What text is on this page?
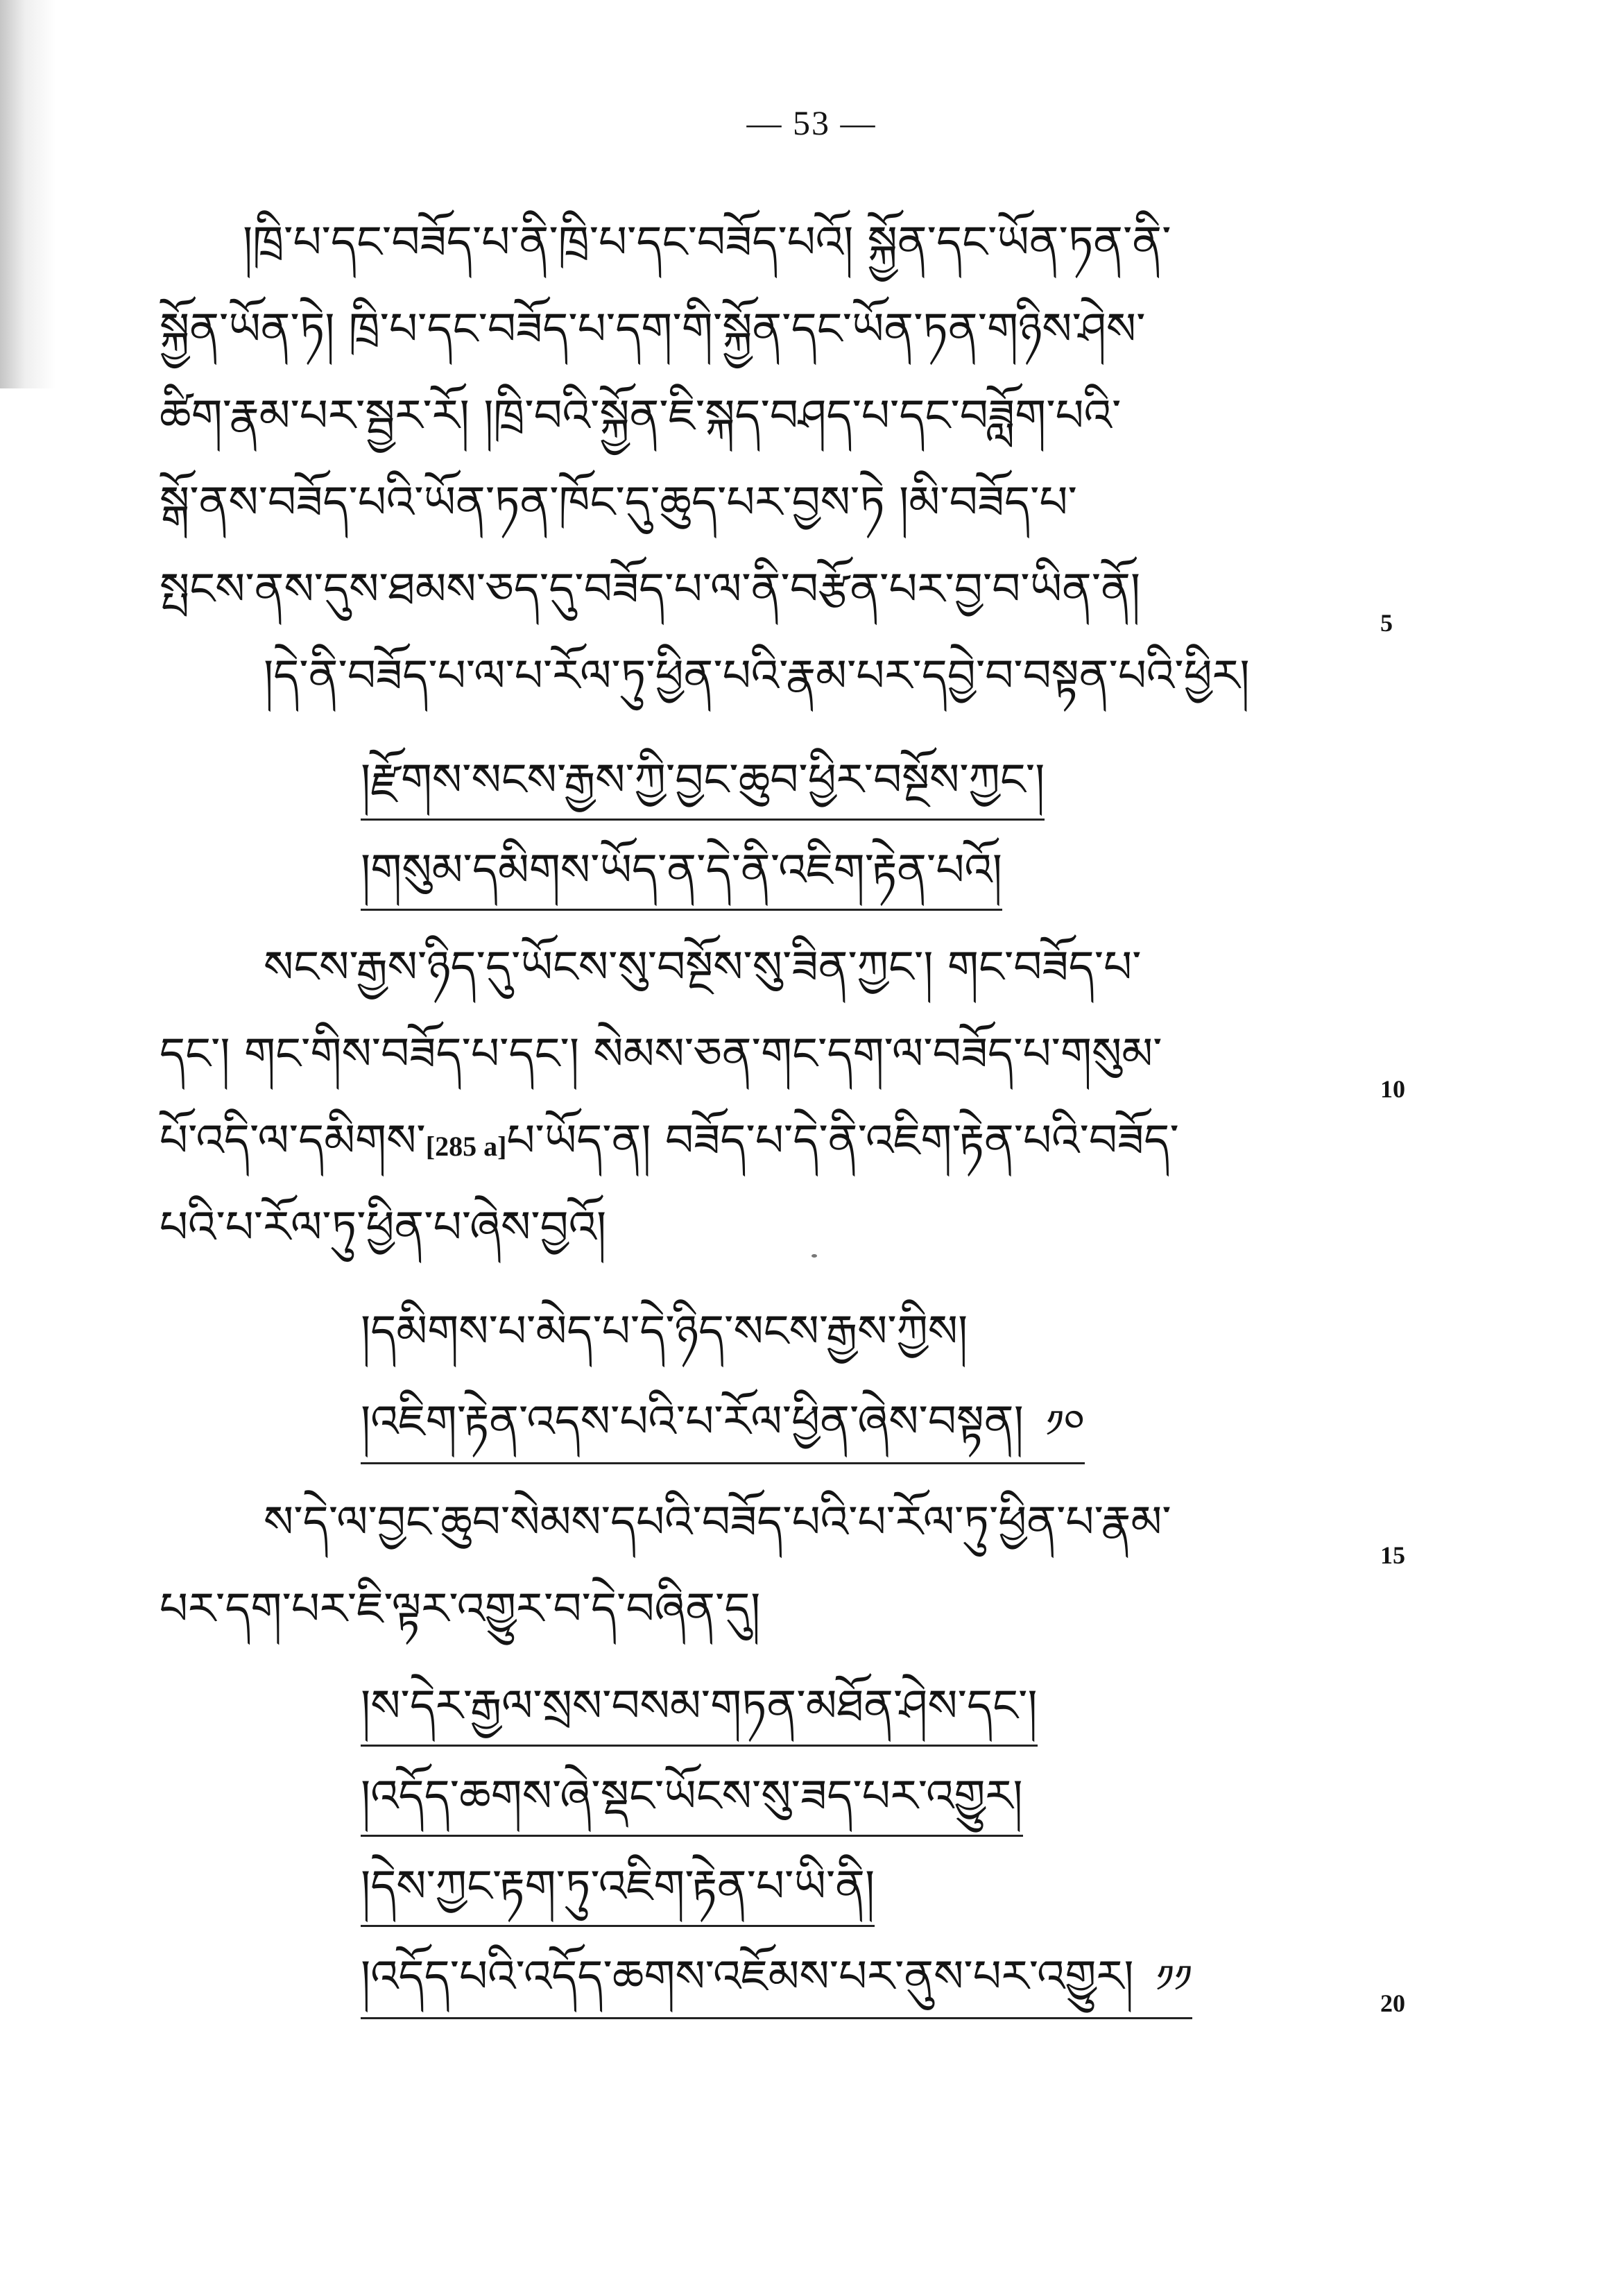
— 53 —
།ཁྲི་པ་དང་བཟོད་པ་ནི་ཁྲི་པ་དང་བཟོད་པའོ། སྐྱོན་དང་ཡོན་ཏན་ནི་
སྐྱོན་ཡོན་ཏེ། ཁྲི་པ་དང་བཟོད་པ་དག་གི་སྐྱོན་དང་ཡོན་ཏན་གཉིས་ཤེས་
ཚིག་རྣམ་པར་སྦྱར་རོ། །ཁྲི་བའི་སྐྱོན་ཇི་སྐད་བཤད་པ་དང་བཟློག་པའི་
སྒོ་ནས་བཟོད་པའི་ཡོན་ཏན་ཁོང་དུ་ཆུད་པར་བྱས་ཏེ །མི་བཟོད་པ་
སྤངས་ནས་དུས་ཐམས་ཅད་དུ་བཟོད་པ་ལ་ནི་བརྩོན་པར་བྱ་བ་ཡིན་ནོ།
5
།དེ་ནི་བཟོད་པ་ལ་པ་རོལ་ཏུ་ཕྱིན་པའི་རྣམ་པར་དབྱེ་བ་བསྟན་པའི་ཕྱིར།
།རྫོགས་སངས་རྒྱས་ཀྱི་བྱང་ཆུབ་ཕྱིར་བསྔོས་ཀྱང་།
།གསུམ་དམིགས་ཡོད་ན་དེ་ནི་འཇིག་རྟེན་པའོ།
སངས་རྒྱས་ཉིད་དུ་ཡོངས་སུ་བསྔོས་སུ་ཟིན་ཀྱང་། གང་བཟོད་པ་
དང་། གང་གིས་བཟོད་པ་དང་། སེམས་ཅན་གང་དག་ལ་བཟོད་པ་གསུམ་
10
པོ་འདི་ལ་དམིགས་[285 a]པ་ཡོད་ན། བཟོད་པ་དེ་ནི་འཇིག་རྟེན་པའི་བཟོད་
པའི་པ་རོལ་ཏུ་ཕྱིན་པ་ཞེས་བྱའོ།
།དམིགས་པ་མེད་པ་དེ་ཉིད་སངས་རྒྱས་ཀྱིས།
།འཇིག་རྟེན་འདས་པའི་པ་རོལ་ཕྱིན་ཞེས་བསྟན། ༡༠
ས་དེ་ལ་བྱང་ཆུབ་སེམས་དཔའི་བཟོད་པའི་པ་རོལ་ཏུ་ཕྱིན་པ་རྣམ་
15
པར་དག་པར་ཇི་ལྟར་འགྱུར་བ་དེ་བཞིན་དུ།
།ས་དེར་རྒྱལ་སྲས་བསམ་གཏན་མཐོན་ཤེས་དང་།
།འདོད་ཆགས་ཞེ་སྡང་ཡོངས་སུ་ཟད་པར་འགྱུར།
།དེས་ཀྱང་རྟག་ཏུ་འཇིག་རྟེན་པ་ཡི་ནི།
།འདོད་པའི་འདོད་ཆགས་འཇོམས་པར་ནུས་པར་འགྱུར། ༡༡
20
